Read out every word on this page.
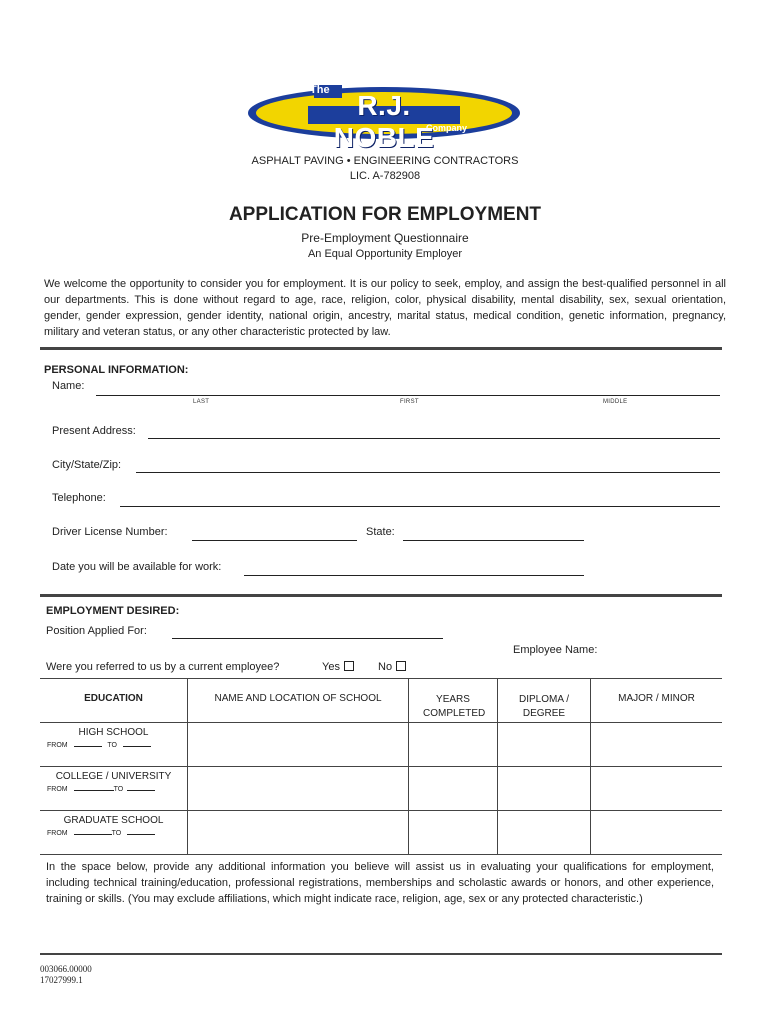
The R.J. NOBLE
Company
ASPHALT PAVING • ENGINEERING CONTRACTORS
LIC. A-782908
APPLICATION FOR EMPLOYMENT
Pre-Employment Questionnaire
An Equal Opportunity Employer
We welcome the opportunity to consider you for employment. It is our policy to seek, employ, and assign the best-qualified personnel in all our departments. This is done without regard to age, race, religion, color, physical disability, mental disability, sex, sexual orientation, gender, gender expression, gender identity, national origin, ancestry, marital status, medical condition, genetic information, pregnancy, military and veteran status, or any other characteristic protected by law.
PERSONAL INFORMATION:
Name:
LAST	FIRST	MIDDLE
Present Address:
City/State/Zip:
Telephone:
Driver License Number:	State:
Date you will be available for work:
EMPLOYMENT DESIRED:
Position Applied For:
Employee Name:
Were you referred to us by a current employee?	Yes	No
EDUCATION	NAME AND LOCATION OF SCHOOL	YEARS COMPLETED	DIPLOMA / DEGREE	MAJOR / MINOR

HIGH SCHOOL
FROM TO				

COLLEGE / UNIVERSITY
FROM TO				

GRADUATE SCHOOL
FROM TO				

In the space below, provide any additional information you believe will assist us in evaluating your qualifications for employment, including technical training/education, professional registrations, memberships and scholastic awards or honors, and other experience, training or skills. (You may exclude affiliations, which might indicate race, religion, age, sex or any protected characteristic.)
003066.00000
17027999.1
